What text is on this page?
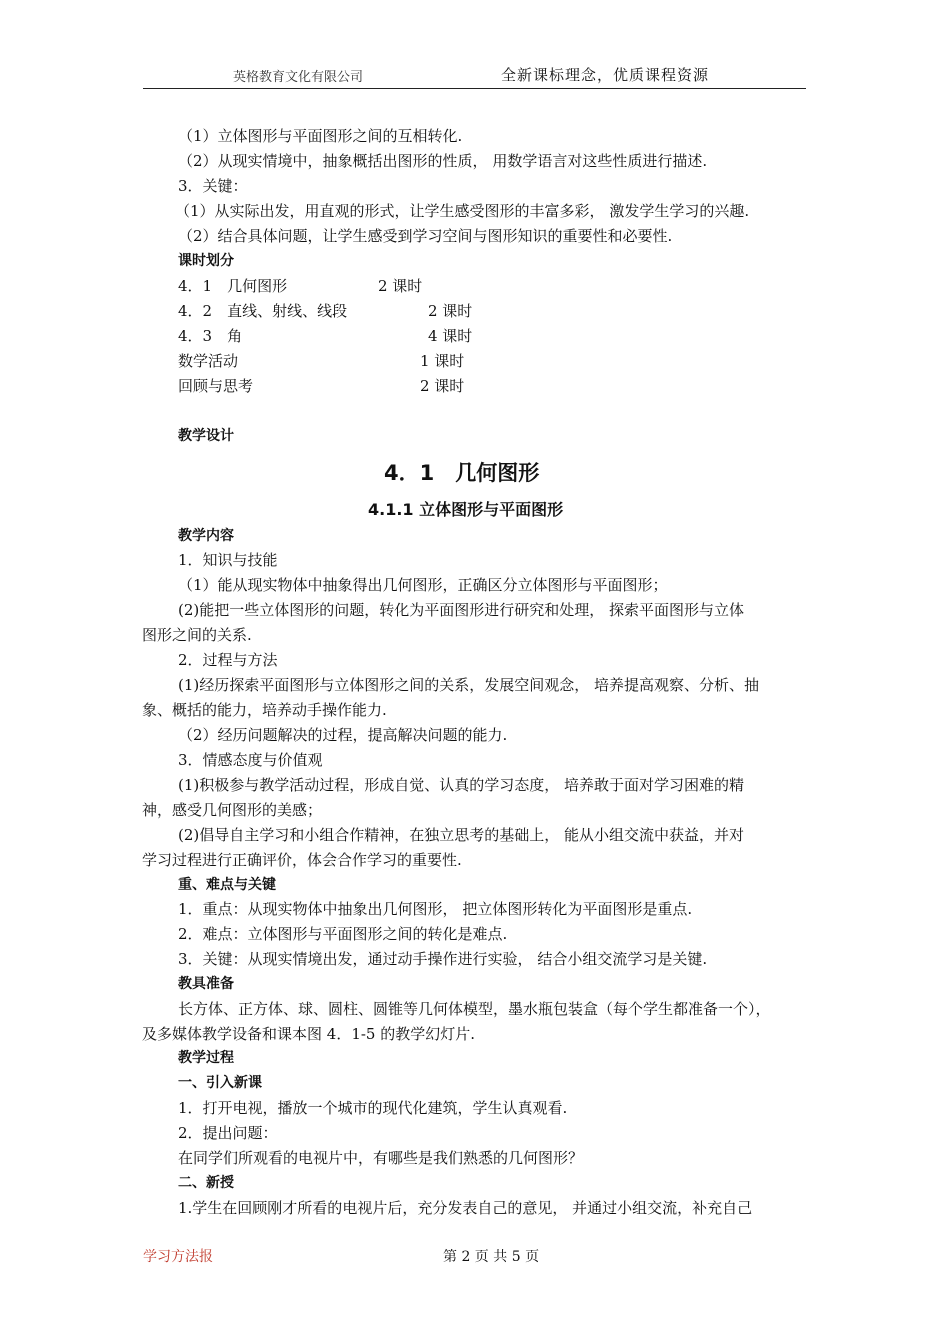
英格教育文化有限公司	全新课标理念，优质课程资源
（1）立体图形与平面图形之间的互相转化.
（2）从现实情境中，抽象概括出图形的性质， 用数学语言对这些性质进行描述.
3．关键：
（1）从实际出发，用直观的形式，让学生感受图形的丰富多彩， 激发学生学习的兴趣.
（2）结合具体问题，让学生感受到学习空间与图形知识的重要性和必要性.
课时划分
4．1　几何图形	2 课时
4．2　直线、射线、线段	2 课时
4．3　角	4 课时
数学活动	1 课时
回顾与思考	2 课时
教学设计
4．1　几何图形
4.1.1 立体图形与平面图形
教学内容
1．知识与技能
（1）能从现实物体中抽象得出几何图形，正确区分立体图形与平面图形；
(2)能把一些立体图形的问题，转化为平面图形进行研究和处理， 探索平面图形与立体
图形之间的关系.
2．过程与方法
(1)经历探索平面图形与立体图形之间的关系，发展空间观念， 培养提高观察、分析、抽
象、概括的能力，培养动手操作能力.
（2）经历问题解决的过程，提高解决问题的能力.
3．情感态度与价值观
(1)积极参与教学活动过程，形成自觉、认真的学习态度， 培养敢于面对学习困难的精
神，感受几何图形的美感；
(2)倡导自主学习和小组合作精神，在独立思考的基础上， 能从小组交流中获益，并对
学习过程进行正确评价，体会合作学习的重要性.
重、难点与关键
1．重点：从现实物体中抽象出几何图形， 把立体图形转化为平面图形是重点.
2．难点：立体图形与平面图形之间的转化是难点.
3．关键：从现实情境出发，通过动手操作进行实验， 结合小组交流学习是关键.
教具准备
长方体、正方体、球、圆柱、圆锥等几何体模型，墨水瓶包装盒（每个学生都准备一个），
及多媒体教学设备和课本图 4．1-5 的教学幻灯片.
教学过程
一、引入新课
1．打开电视，播放一个城市的现代化建筑，学生认真观看.
2．提出问题：
在同学们所观看的电视片中，有哪些是我们熟悉的几何图形？
二、新授
1.学生在回顾刚才所看的电视片后，充分发表自己的意见， 并通过小组交流，补充自己
学习方法报	第 2 页 共 5 页
